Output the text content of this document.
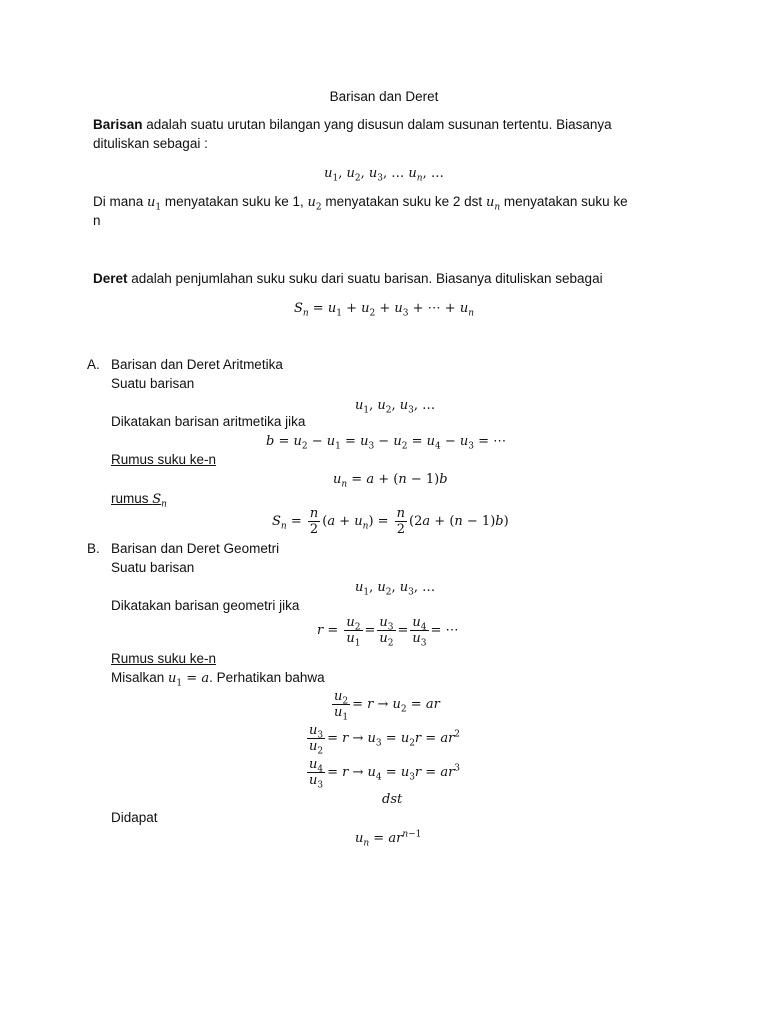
Barisan dan Deret
Barisan adalah suatu urutan bilangan yang disusun dalam susunan tertentu. Biasanya
dituliskan sebagai :
$u_1$, $u_2$, $u_3$, … $u_n$, …
Di mana $u_1$ menyatakan suku ke 1, $u_2$ menyatakan suku ke 2 dst $u_n$ menyatakan suku ke
n
Deret adalah penjumlahan suku suku dari suatu barisan. Biasanya dituliskan sebagai
$S_n = u_1 + u_2 + u_3$ + ⋯ + $u_n$
A. Barisan dan Deret Aritmetika
Suatu barisan
$u_1$, $u_2$, $u_3$, …
Dikatakan barisan aritmetika jika
$b = u_2 - u_1 = u_3 - u_2 = u_4 - u_3$ = ⋯
Rumus suku ke-n
$u_n = a + (n - 1)b$
rumus $S_n$
$S_n = \frac{n}{2} (a + u_n) = \frac{n}{2} (2a + (n - 1)b)$
B. Barisan dan Deret Geometri
Suatu barisan
$u_1$, $u_2$, $u_3$, …
Dikatakan barisan geometri jika
$r = \frac{u_2}{u_1} = \frac{u_3}{u_2} = \frac{u_4}{u_3}$ = ⋯
Rumus suku ke-n
Misalkan $u_1 = a$. Perhatikan bahwa
$\frac{u_2}{u_1} = r \to u_2$ = ar
$\frac{u_3}{u_2} = r \to u_3 = u_2r = ar^2$
$\frac{u_4}{u_3} = r \to u_4 = u_3r = ar^3$
dst
Didapat
$u_n = ar^{n-1}$
